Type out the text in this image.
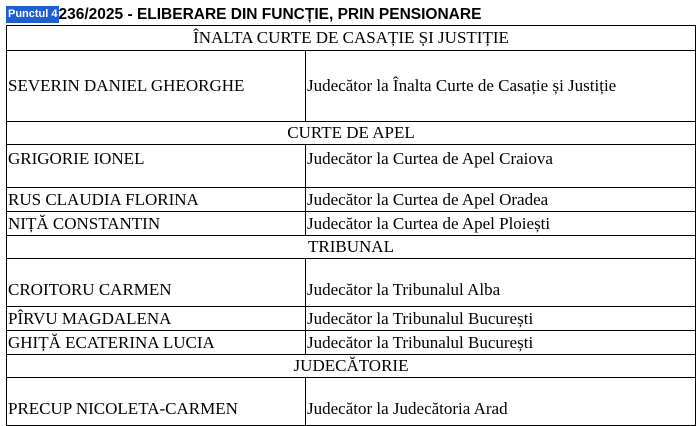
Punctul 4 236/2025 - ELIBERARE DIN FUNCȚIE, PRIN PENSIONARE
ÎNALTA CURTE DE CASAȚIE ȘI JUSTIȚIE	
SEVERIN DANIEL GHEORGHE	Judecător la Înalta Curte de Casație și Justiție
CURTE DE APEL	
GRIGORIE IONEL	Judecător la Curtea de Apel Craiova
RUS CLAUDIA FLORINA	Judecător la Curtea de Apel Oradea
NIȚĂ CONSTANTIN	Judecător la Curtea de Apel Ploiești
TRIBUNAL	
CROITORU CARMEN	Judecător la Tribunalul Alba
PÎRVU MAGDALENA	Judecător la Tribunalul București
GHIȚĂ ECATERINA LUCIA	Judecător la Tribunalul București
JUDECĂTORIE	
PRECUP NICOLETA-CARMEN	Judecător la Judecătoria Arad
